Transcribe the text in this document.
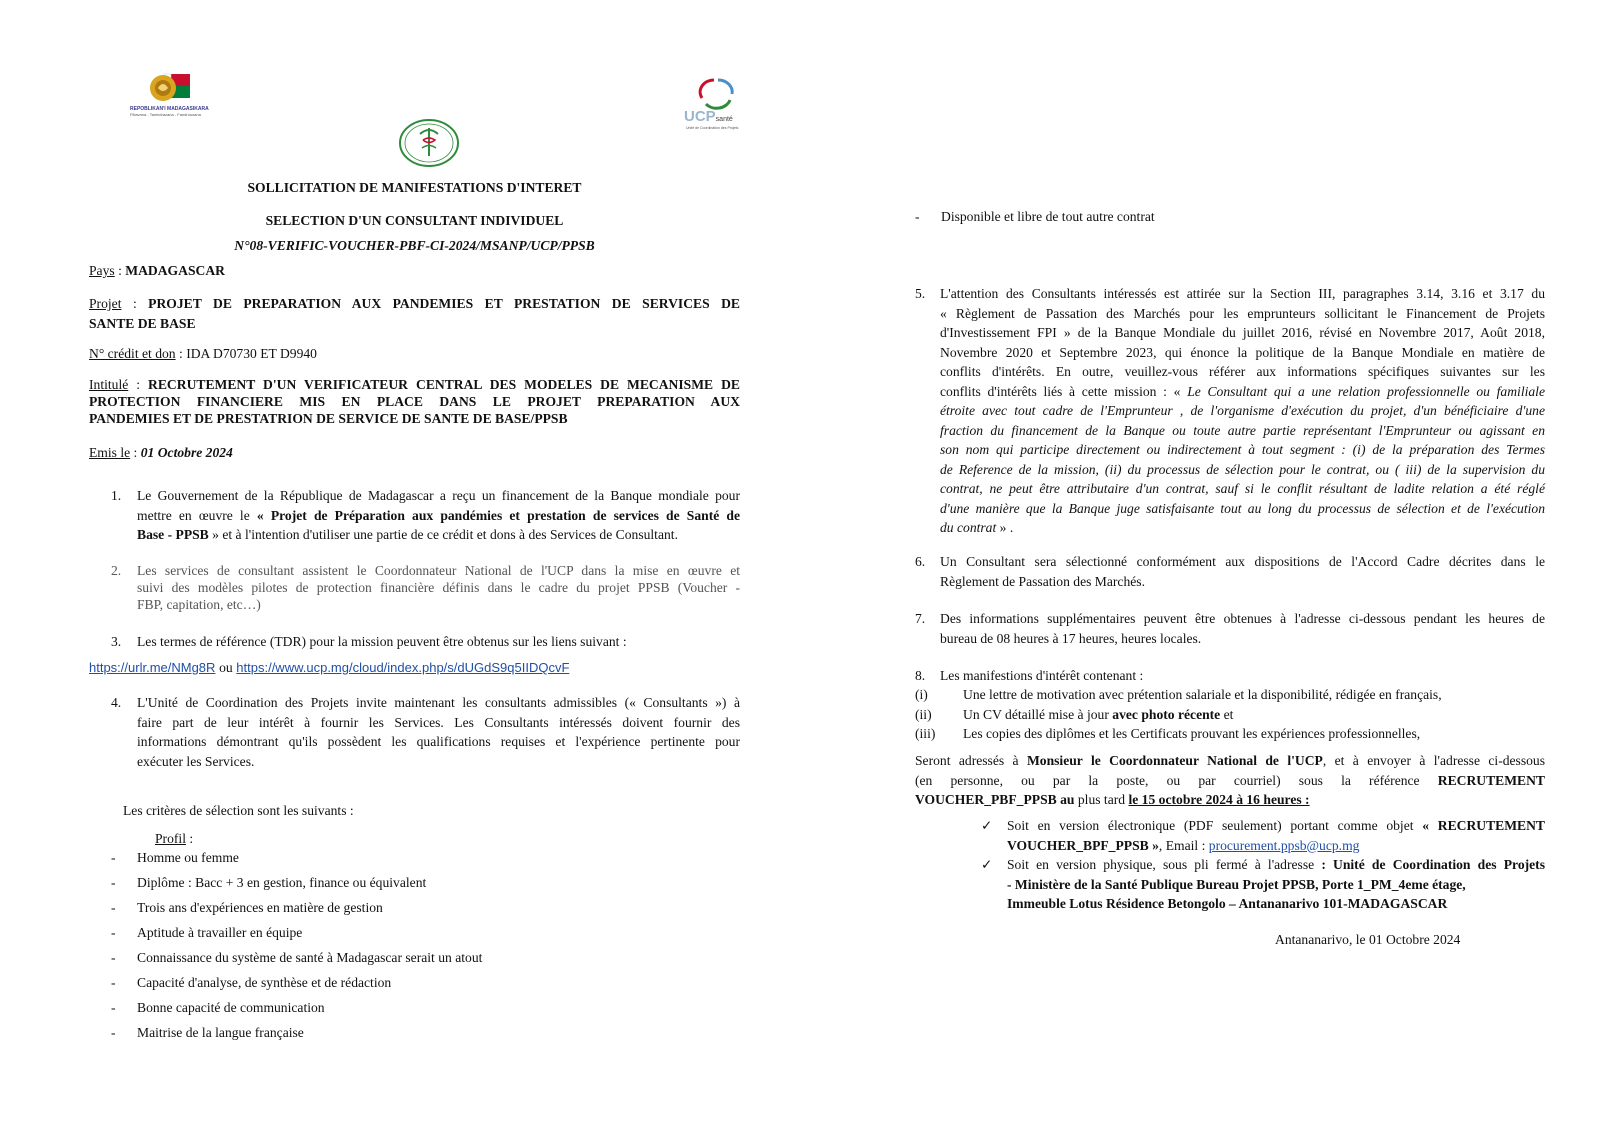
REPOBLIKAN'I MADAGASIKARA
Fitiavana - Tanindrazana - Fandrosoana	UCPsanté
Unité de Coordination des Projets
SOLLICITATION DE MANIFESTATIONS D'INTERET
SELECTION D'UN CONSULTANT INDIVIDUEL
N°08-VERIFIC-VOUCHER-PBF-CI-2024/MSANP/UCP/PPSB
Pays : MADAGASCAR
Projet : PROJET DE PREPARATION AUX PANDEMIES ET PRESTATION DE SERVICES DE
SANTE DE BASE
N° crédit et don : IDA D70730 ET D9940
Intitulé : RECRUTEMENT D'UN VERIFICATEUR CENTRAL DES MODELES DE MECANISME DE
PROTECTION FINANCIERE MIS EN PLACE DANS LE PROJET PREPARATION AUX
PANDEMIES ET DE PRESTATRION DE SERVICE DE SANTE DE BASE/PPSB
Emis le : 01 Octobre 2024
1. Le Gouvernement de la République de Madagascar a reçu un financement de la Banque mondiale pour
mettre en œuvre le « Projet de Préparation aux pandémies et prestation de services de Santé de
Base - PPSB » et à l'intention d'utiliser une partie de ce crédit et dons à des Services de Consultant.
2. Les services de consultant assistent le Coordonnateur National de l'UCP dans la mise en œuvre et
suivi des modèles pilotes de protection financière définis dans le cadre du projet PPSB (Voucher -
FBP, capitation, etc…)
3. Les termes de référence (TDR) pour la mission peuvent être obtenus sur les liens suivant :
https://urlr.me/NMg8R ou https://www.ucp.mg/cloud/index.php/s/dUGdS9q5IIDQcvF
4. L'Unité de Coordination des Projets invite maintenant les consultants admissibles (« Consultants ») à
faire part de leur intérêt à fournir les Services. Les Consultants intéressés doivent fournir des
informations démontrant qu'ils possèdent les qualifications requises et l'expérience pertinente pour
exécuter les Services.
Les critères de sélection sont les suivants :
Profil :
- Homme ou femme
- Diplôme : Bacc + 3 en gestion, finance ou équivalent
- Trois ans d'expériences en matière de gestion
- Aptitude à travailler en équipe
- Connaissance du système de santé à Madagascar serait un atout
- Capacité d'analyse, de synthèse et de rédaction
- Bonne capacité de communication
- Maitrise de la langue française
- Disponible et libre de tout autre contrat
5. L'attention des Consultants intéressés est attirée sur la Section III, paragraphes 3.14, 3.16 et 3.17 du
« Règlement de Passation des Marchés pour les emprunteurs sollicitant le Financement de Projets
d'Investissement FPI » de la Banque Mondiale du juillet 2016, révisé en Novembre 2017, Août 2018,
Novembre 2020 et Septembre 2023, qui énonce la politique de la Banque Mondiale en matière de
conflits d'intérêts. En outre, veuillez-vous référer aux informations spécifiques suivantes sur les
conflits d'intérêts liés à cette mission : « Le Consultant qui a une relation professionnelle ou familiale
étroite avec tout cadre de l'Emprunteur , de l'organisme d'exécution du projet, d'un bénéficiaire d'une
fraction du financement de la Banque ou toute autre partie représentant l'Emprunteur ou agissant en
son nom qui participe directement ou indirectement à tout segment : (i) de la préparation des Termes
de Reference de la mission, (ii) du processus de sélection pour le contrat, ou ( iii) de la supervision du
contrat, ne peut être attributaire d'un contrat, sauf si le conflit résultant de ladite relation a été réglé
d'une manière que la Banque juge satisfaisante tout au long du processus de sélection et de l'exécution
du contrat » .
6. Un Consultant sera sélectionné conformément aux dispositions de l'Accord Cadre décrites dans le
Règlement de Passation des Marchés.
7. Des informations supplémentaires peuvent être obtenues à l'adresse ci-dessous pendant les heures de
bureau de 08 heures à 17 heures, heures locales.
8. Les manifestions d'intérêt contenant :
(i)	Une lettre de motivation avec prétention salariale et la disponibilité, rédigée en français,
(ii) Un CV détaillé mise à jour avec photo récente et
(iii) Les copies des diplômes et les Certificats prouvant les expériences professionnelles,
Seront adressés à Monsieur le Coordonnateur National de l'UCP, et à envoyer à l'adresse ci-dessous
(en personne, ou par la poste, ou par courriel) sous la référence RECRUTEMENT
VOUCHER_PBF_PPSB au plus tard le 15 octobre 2024 à 16 heures :
✓ Soit en version électronique (PDF seulement) portant comme objet « RECRUTEMENT
VOUCHER_BPF_PPSB », Email : procurement.ppsb@ucp.mg
✓ Soit en version physique, sous pli fermé à l'adresse : Unité de Coordination des Projets
- Ministère de la Santé Publique Bureau Projet PPSB, Porte 1_PM_4eme étage,
Immeuble Lotus Résidence Betongolo – Antananarivo 101-MADAGASCAR
Antananarivo, le 01 Octobre 2024
